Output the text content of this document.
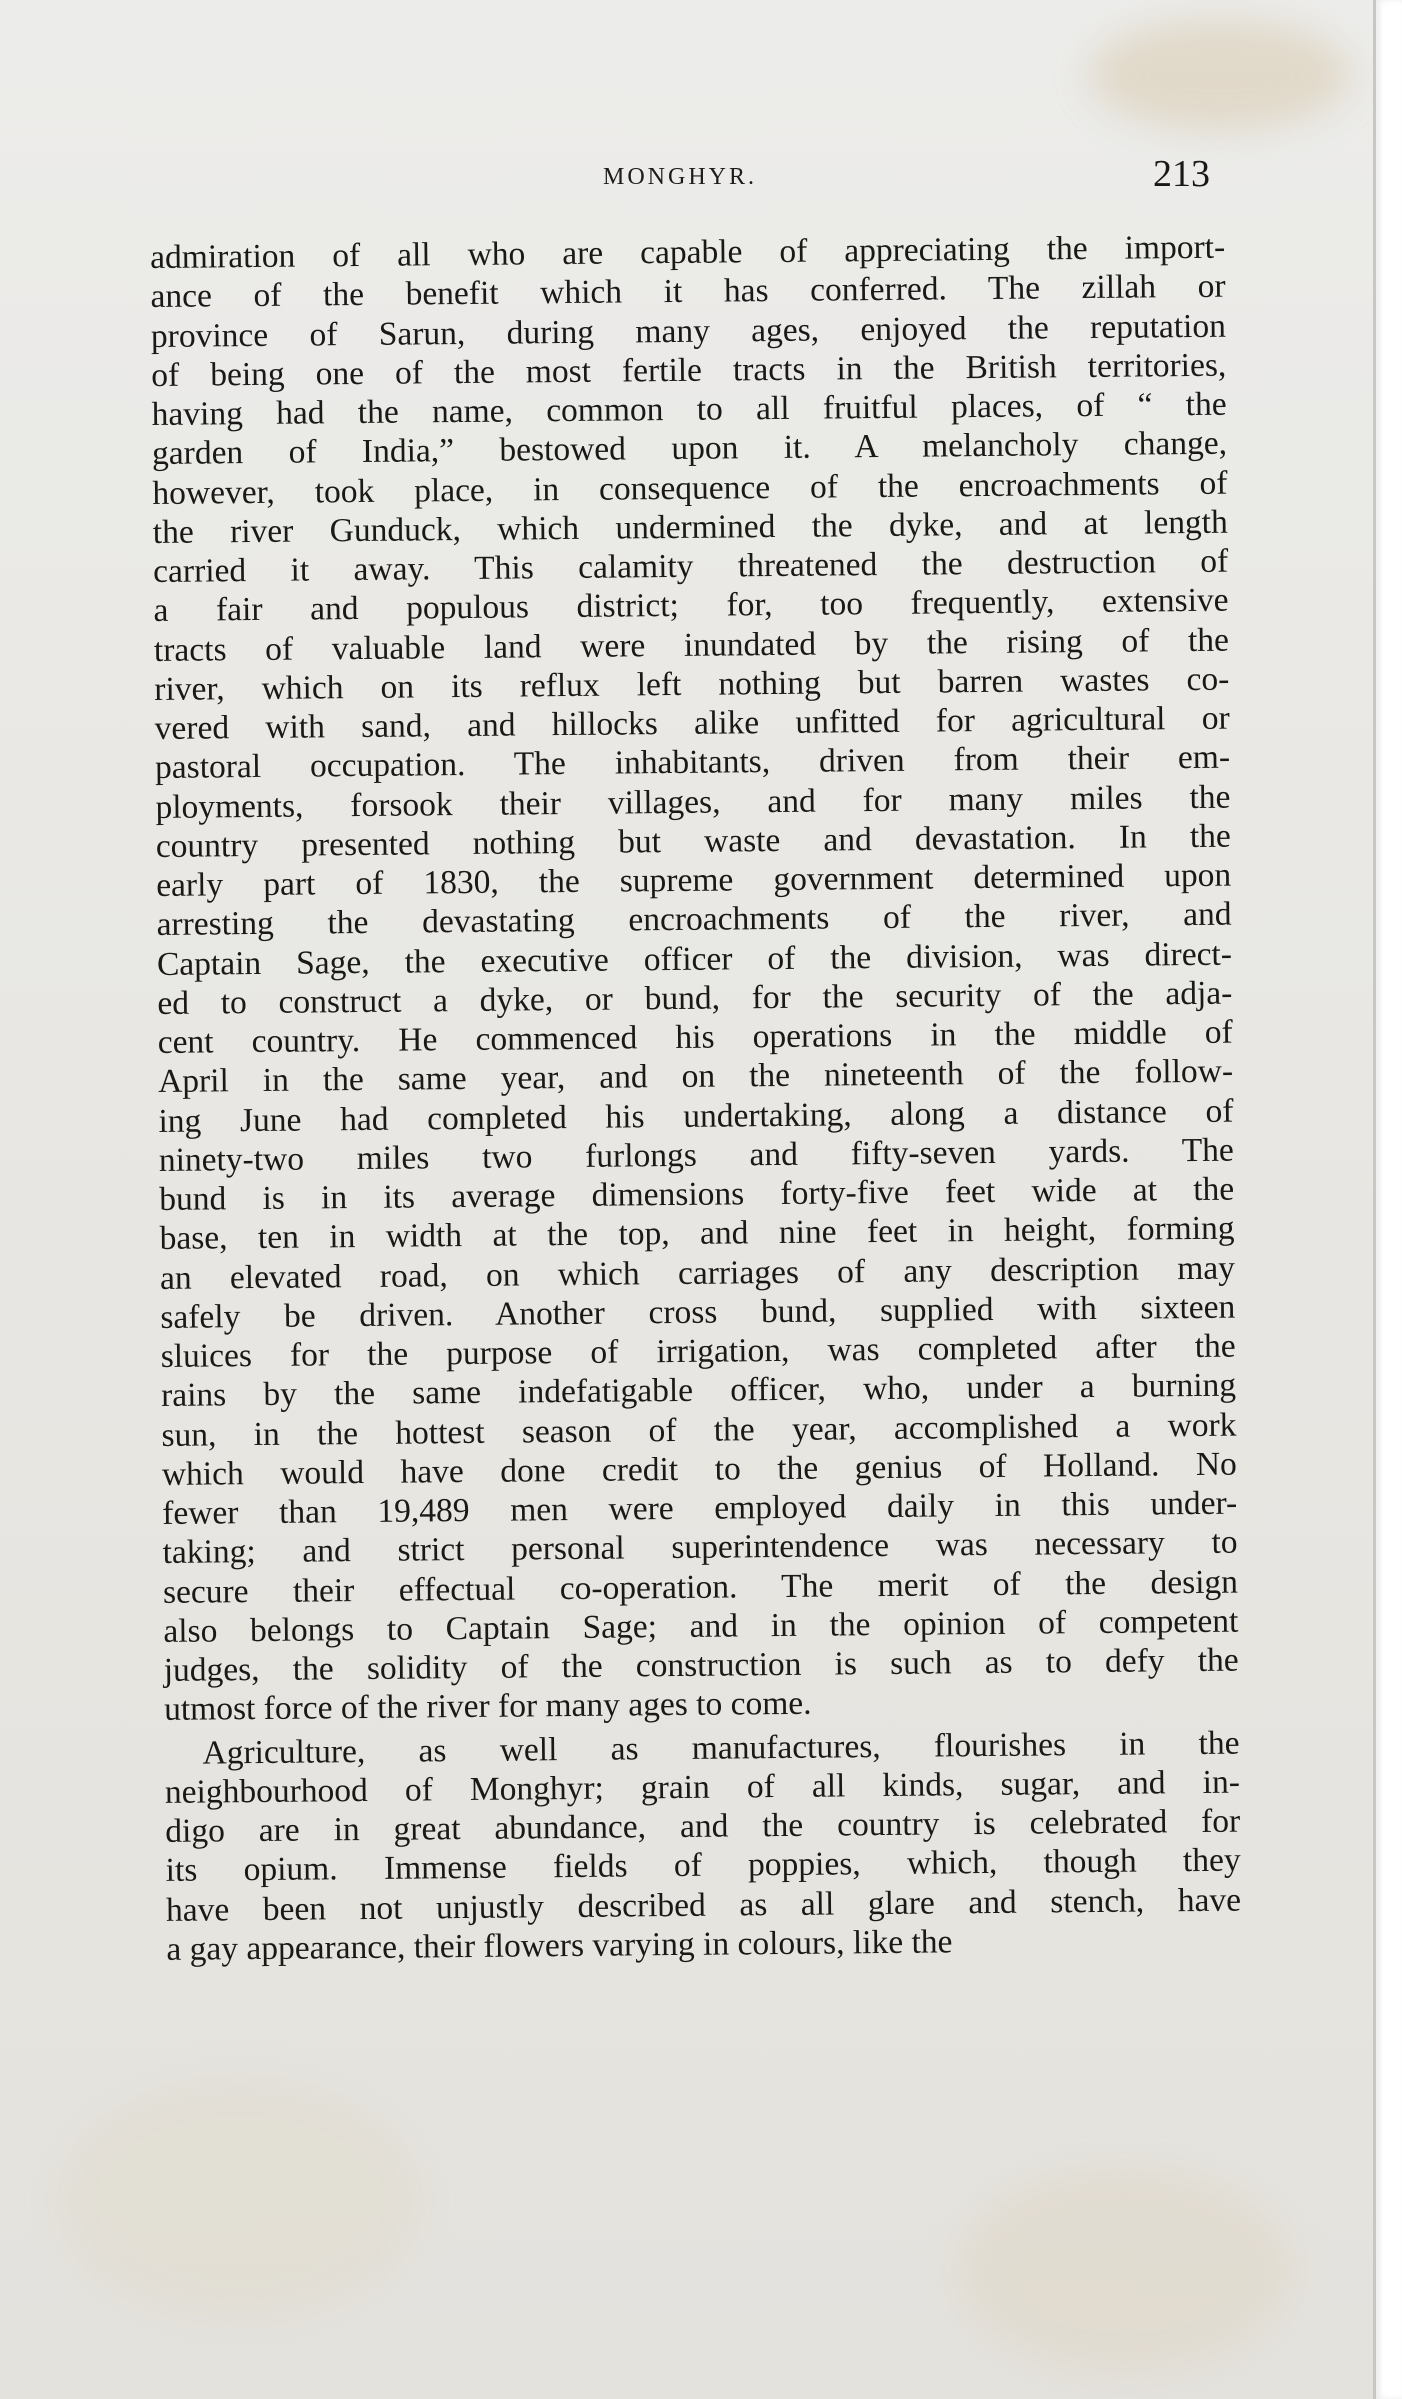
MONGHYR.	213
admiration of all who are capable of appreciating the import-
ance of the benefit which it has conferred. The zillah or
province of Sarun, during many ages, enjoyed the reputation
of being one of the most fertile tracts in the British territories,
having had the name, common to all fruitful places, of “ the
garden of India,” bestowed upon it. A melancholy change,
however, took place, in consequence of the encroachments of
the river Gunduck, which undermined the dyke, and at length
carried it away. This calamity threatened the destruction of
a fair and populous district; for, too frequently, extensive
tracts of valuable land were inundated by the rising of the
river, which on its reflux left nothing but barren wastes co-
vered with sand, and hillocks alike unfitted for agricultural or
pastoral occupation. The inhabitants, driven from their em-
ployments, forsook their villages, and for many miles the
country presented nothing but waste and devastation. In the
early part of 1830, the supreme government determined upon
arresting the devastating encroachments of the river, and
Captain Sage, the executive officer of the division, was direct-
ed to construct a dyke, or bund, for the security of the adja-
cent country. He commenced his operations in the middle of
April in the same year, and on the nineteenth of the follow-
ing June had completed his undertaking, along a distance of
ninety-two miles two furlongs and fifty-seven yards. The
bund is in its average dimensions forty-five feet wide at the
base, ten in width at the top, and nine feet in height, forming
an elevated road, on which carriages of any description may
safely be driven. Another cross bund, supplied with sixteen
sluices for the purpose of irrigation, was completed after the
rains by the same indefatigable officer, who, under a burning
sun, in the hottest season of the year, accomplished a work
which would have done credit to the genius of Holland. No
fewer than 19,489 men were employed daily in this under-
taking; and strict personal superintendence was necessary to
secure their effectual co-operation. The merit of the design
also belongs to Captain Sage; and in the opinion of competent
judges, the solidity of the construction is such as to defy the
utmost force of the river for many ages to come.
Agriculture, as well as manufactures, flourishes in the
neighbourhood of Monghyr; grain of all kinds, sugar, and in-
digo are in great abundance, and the country is celebrated for
its opium. Immense fields of poppies, which, though they
have been not unjustly described as all glare and stench, have
a gay appearance, their flowers varying in colours, like the
